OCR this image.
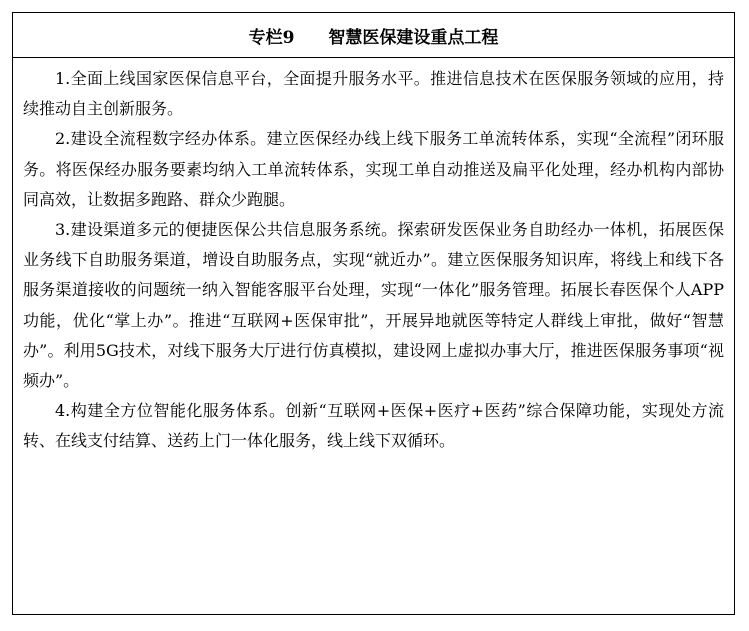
专栏9 智慧医保建设重点工程

1.全面上线国家医保信息平台，全面提升服务水平。推进信息技术在医保服务领域的应用，持续推动自主创新服务。

2.建设全流程数字经办体系。建立医保经办线上线下服务工单流转体系，实现“全流程”闭环服务。将医保经办服务要素均纳入工单流转体系，实现工单自动推送及扁平化处理，经办机构内部协同高效，让数据多跑路、群众少跑腿。

3.建设渠道多元的便捷医保公共信息服务系统。探索研发医保业务自助经办一体机，拓展医保业务线下自助服务渠道，增设自助服务点，实现“就近办”。建立医保服务知识库，将线上和线下各服务渠道接收的问题统一纳入智能客服平台处理，实现“一体化”服务管理。拓展长春医保个人APP功能，优化“掌上办”。推进“互联网+医保审批”，开展异地就医等特定人群线上审批，做好“智慧办”。利用5G技术，对线下服务大厅进行仿真模拟，建设网上虚拟办事大厅，推进医保服务事项“视频办”。

4.构建全方位智能化服务体系。创新“互联网+医保+医疗+医药”综合保障功能，实现处方流转、在线支付结算、送药上门一体化服务，线上线下双循环。
